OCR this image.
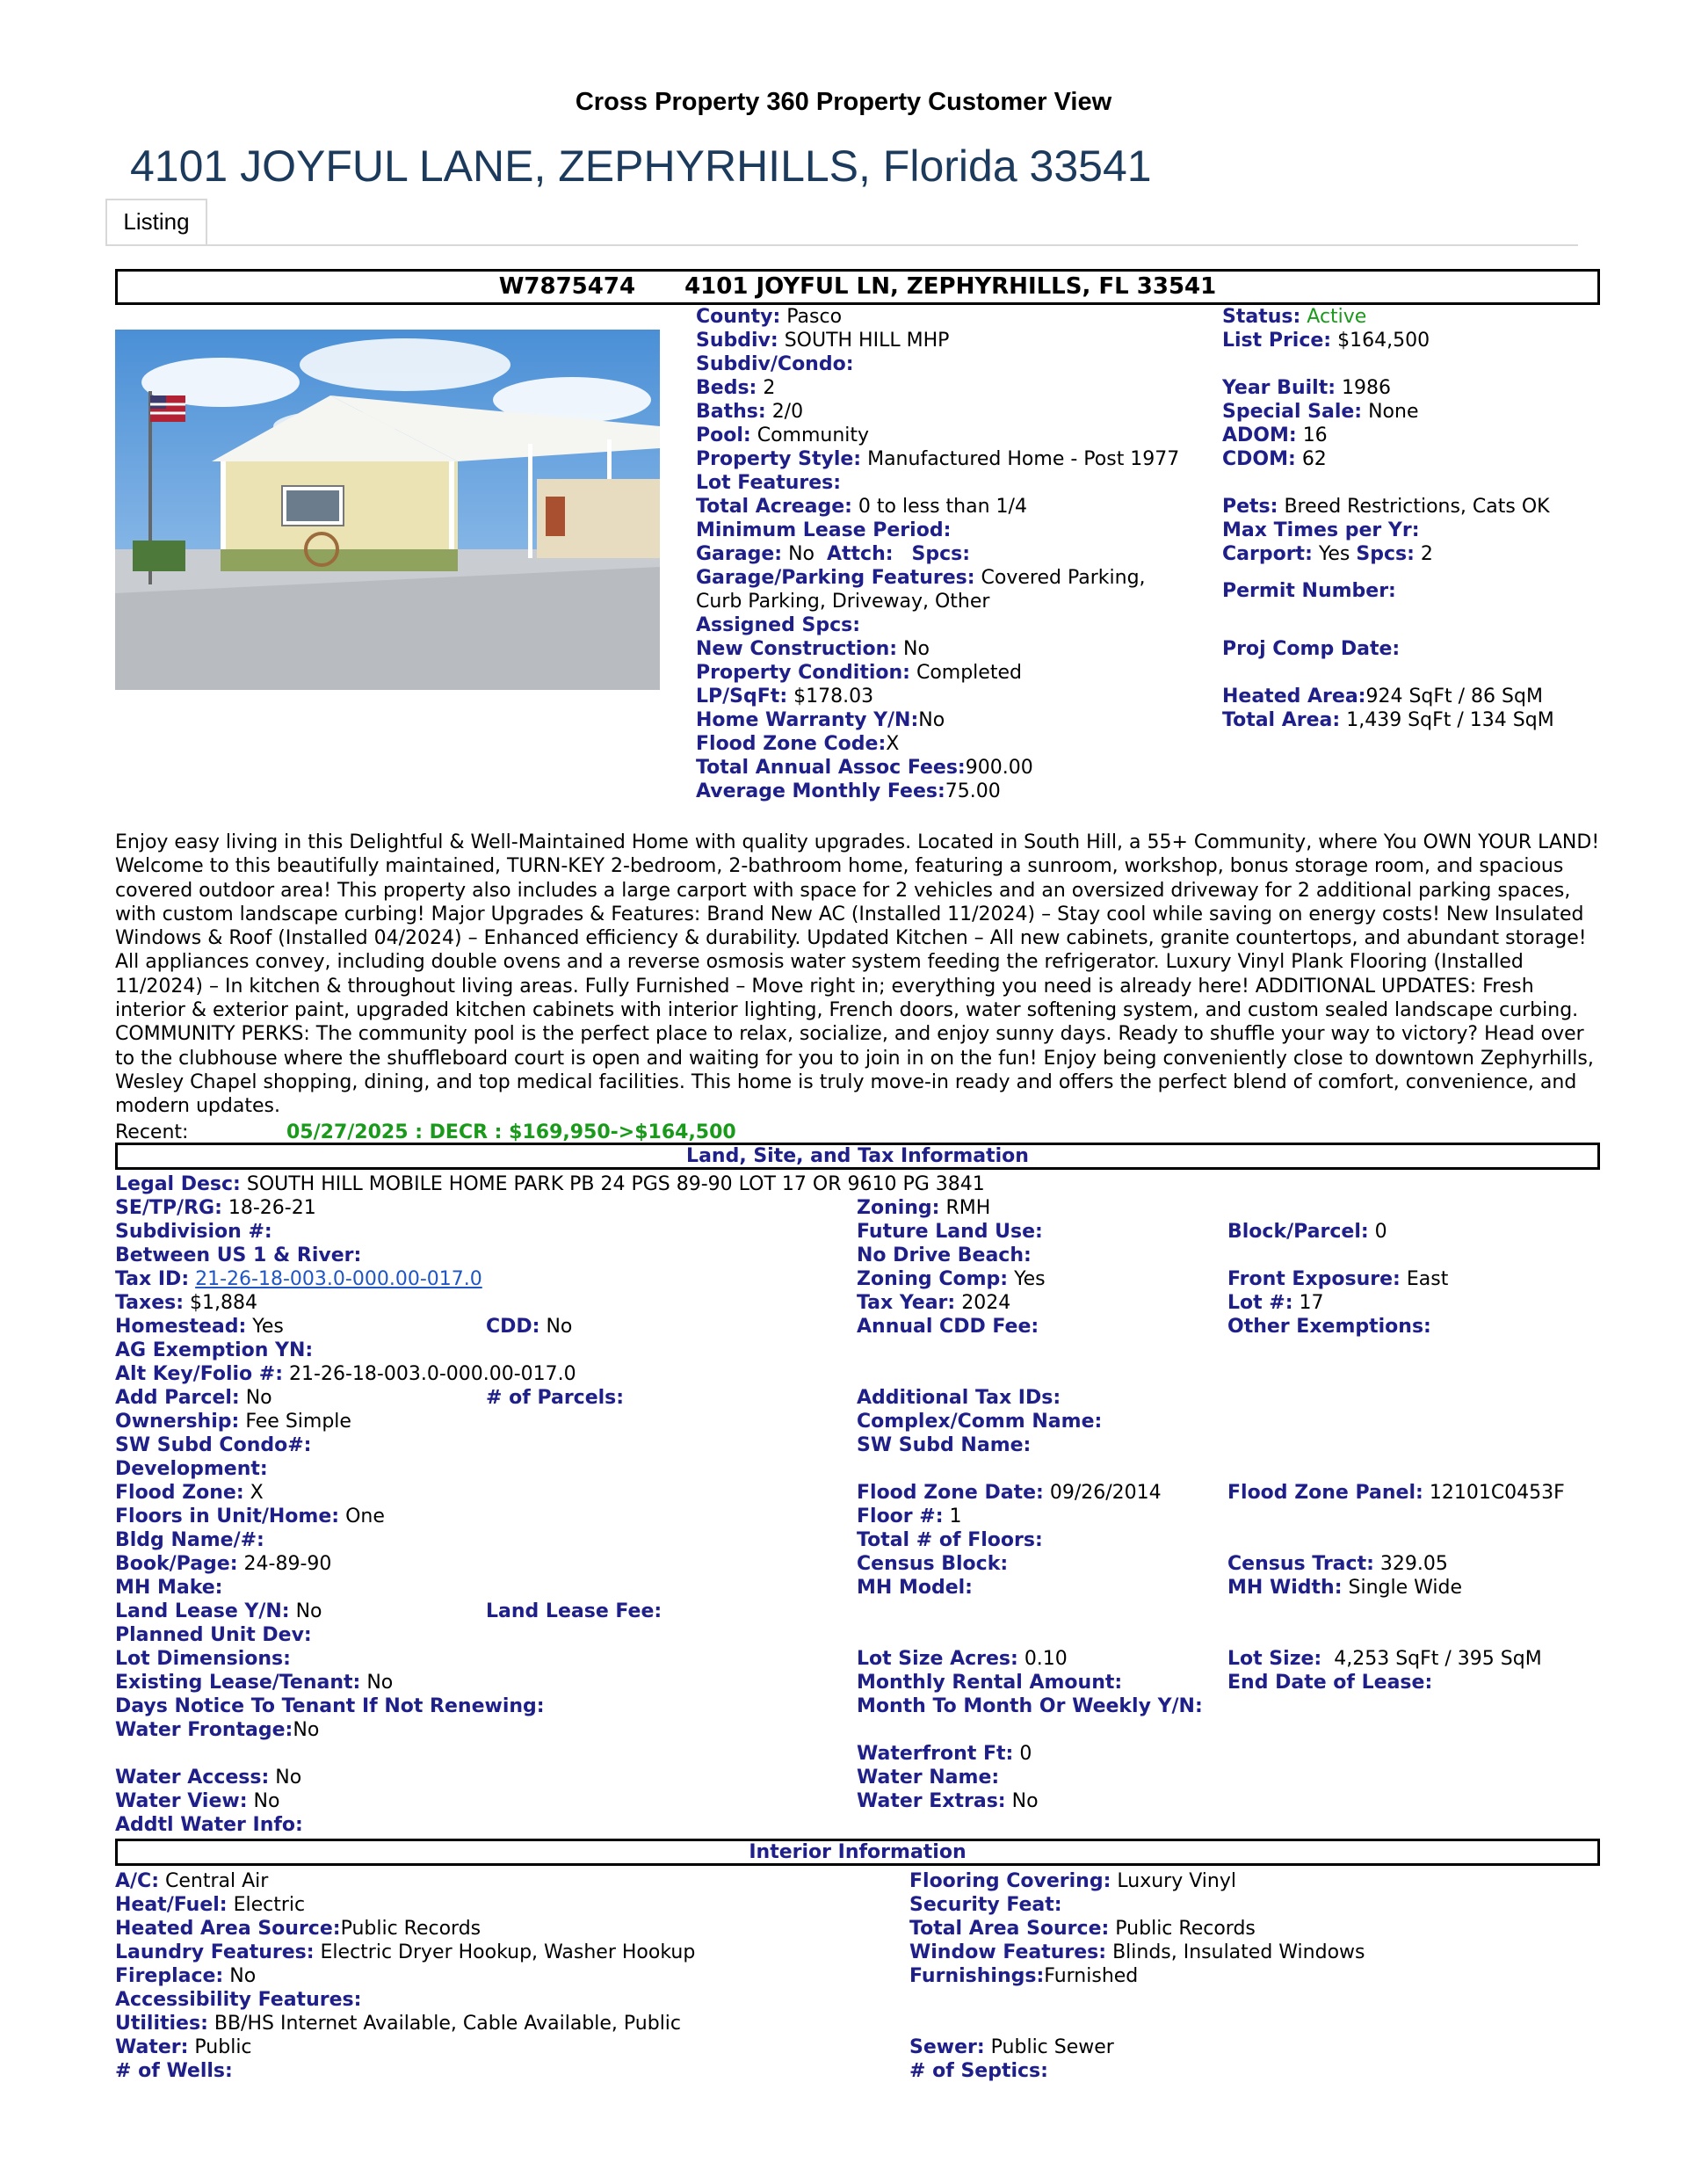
Cross Property 360 Property Customer View
4101 JOYFUL LANE, ZEPHYRHILLS, Florida 33541
Listing
W7875474 4101 JOYFUL LN, ZEPHYRHILLS, FL 33541
County: Pasco
Subdiv: SOUTH HILL MHP
Subdiv/Condo:
Beds: 2
Baths: 2/0
Pool: Community
Property Style: Manufactured Home - Post 1977
Lot Features:
Total Acreage: 0 to less than 1/4
Minimum Lease Period:
Garage: No Attch: Spcs:
Garage/Parking Features: Covered Parking,
Curb Parking, Driveway, Other
Assigned Spcs:
New Construction: No
Property Condition: Completed
LP/SqFt: $178.03
Home Warranty Y/N:No
Flood Zone Code:X
Total Annual Assoc Fees:900.00
Average Monthly Fees:75.00
Status: Active
List Price: $164,500
Year Built: 1986
Special Sale: None
ADOM: 16
CDOM: 62
Pets: Breed Restrictions, Cats OK
Max Times per Yr:
Carport: Yes Spcs: 2
Permit Number:
Proj Comp Date:
Heated Area:924 SqFt / 86 SqM
Total Area: 1,439 SqFt / 134 SqM
Enjoy easy living in this Delightful & Well-Maintained Home with quality upgrades. Located in South Hill, a 55+ Community, where You OWN YOUR LAND! Welcome to this beautifully maintained, TURN-KEY 2-bedroom, 2-bathroom home, featuring a sunroom, workshop, bonus storage room, and spacious covered outdoor area! This property also includes a large carport with space for 2 vehicles and an oversized driveway for 2 additional parking spaces, with custom landscape curbing! Major Upgrades & Features: Brand New AC (Installed 11/2024) – Stay cool while saving on energy costs! New Insulated Windows & Roof (Installed 04/2024) – Enhanced efficiency & durability. Updated Kitchen – All new cabinets, granite countertops, and abundant storage! All appliances convey, including double ovens and a reverse osmosis water system feeding the refrigerator. Luxury Vinyl Plank Flooring (Installed 11/2024) – In kitchen & throughout living areas. Fully Furnished – Move right in; everything you need is already here! ADDITIONAL UPDATES: Fresh interior & exterior paint, upgraded kitchen cabinets with interior lighting, French doors, water softening system, and custom sealed landscape curbing. COMMUNITY PERKS: The community pool is the perfect place to relax, socialize, and enjoy sunny days. Ready to shuffle your way to victory? Head over to the clubhouse where the shuffleboard court is open and waiting for you to join in on the fun! Enjoy being conveniently close to downtown Zephyrhills, Wesley Chapel shopping, dining, and top medical facilities. This home is truly move-in ready and offers the perfect blend of comfort, convenience, and modern updates.
Recent:	05/27/2025 : DECR : $169,950->$164,500
Land, Site, and Tax Information
Legal Desc: SOUTH HILL MOBILE HOME PARK PB 24 PGS 89-90 LOT 17 OR 9610 PG 3841
SE/TP/RG: 18-26-21	Zoning: RMH
Subdivision #:	Future Land Use:	Block/Parcel: 0
Between US 1 & River:	No Drive Beach:
Tax ID: 21-26-18-003.0-000.00-017.0	Zoning Comp: Yes	Front Exposure: East
Taxes: $1,884	Tax Year: 2024	Lot #: 17
Homestead: Yes	CDD: No	Annual CDD Fee:	Other Exemptions:
AG Exemption YN:
Alt Key/Folio #: 21-26-18-003.0-000.00-017.0
Add Parcel: No	# of Parcels:	Additional Tax IDs:
Ownership: Fee Simple	Complex/Comm Name:
SW Subd Condo#:	SW Subd Name:
Development:
Flood Zone: X	Flood Zone Date: 09/26/2014	Flood Zone Panel: 12101C0453F
Floors in Unit/Home: One	Floor #: 1
Bldg Name/#:	Total # of Floors:
Book/Page: 24-89-90	Census Block:	Census Tract: 329.05
MH Make:	MH Model:	MH Width: Single Wide
Land Lease Y/N: No	Land Lease Fee:
Planned Unit Dev:
Lot Dimensions:	Lot Size Acres: 0.10	Lot Size: 4,253 SqFt / 395 SqM
Existing Lease/Tenant: No	Monthly Rental Amount:	End Date of Lease:
Days Notice To Tenant If Not Renewing:	Month To Month Or Weekly Y/N:
Water Frontage:No
Waterfront Ft: 0
Water Access: No	Water Name:
Water View: No	Water Extras: No
Addtl Water Info:
Interior Information
A/C: Central Air	Flooring Covering: Luxury Vinyl
Heat/Fuel: Electric	Security Feat:
Heated Area Source:Public Records	Total Area Source: Public Records
Laundry Features: Electric Dryer Hookup, Washer Hookup	Window Features: Blinds, Insulated Windows
Fireplace: No	Furnishings:Furnished
Accessibility Features:
Utilities: BB/HS Internet Available, Cable Available, Public
Water: Public	Sewer: Public Sewer
# of Wells:	# of Septics:
